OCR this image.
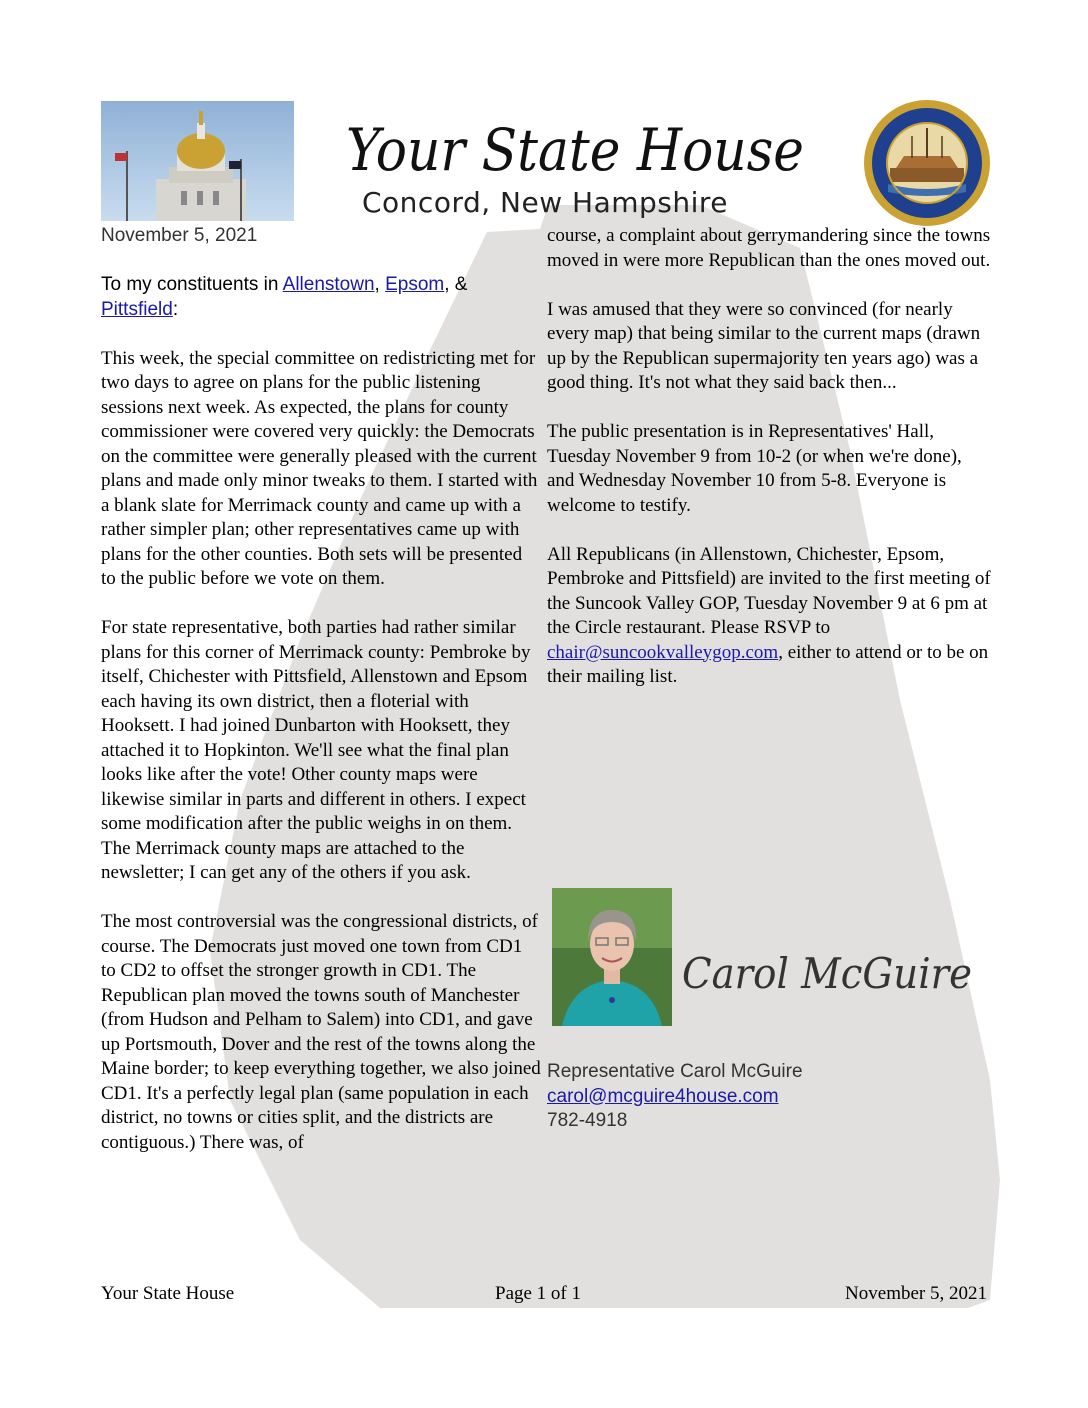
Your State House
Concord, New Hampshire

November 5, 2021

To my constituents in Allenstown, Epsom, & Pittsfield:

This week, the special committee on redistricting met for two days to agree on plans for the public listening sessions next week. As expected, the plans for county commissioner were covered very quickly: the Democrats on the committee were generally pleased with the current plans and made only minor tweaks to them. I started with a blank slate for Merrimack county and came up with a rather simpler plan; other representatives came up with plans for the other counties. Both sets will be presented to the public before we vote on them.

For state representative, both parties had rather similar plans for this corner of Merrimack county: Pembroke by itself, Chichester with Pittsfield, Allenstown and Epsom each having its own district, then a floterial with Hooksett. I had joined Dunbarton with Hooksett, they attached it to Hopkinton. We'll see what the final plan looks like after the vote! Other county maps were likewise similar in parts and different in others. I expect some modification after the public weighs in on them. The Merrimack county maps are attached to the newsletter; I can get any of the others if you ask.

The most controversial was the congressional districts, of course. The Democrats just moved one town from CD1 to CD2 to offset the stronger growth in CD1. The Republican plan moved the towns south of Manchester (from Hudson and Pelham to Salem) into CD1, and gave up Portsmouth, Dover and the rest of the towns along the Maine border; to keep everything together, we also joined CD1. It's a perfectly legal plan (same population in each district, no towns or cities split, and the districts are contiguous.) There was, of

course, a complaint about gerrymandering since the towns moved in were more Republican than the ones moved out.

I was amused that they were so convinced (for nearly every map) that being similar to the current maps (drawn up by the Republican supermajority ten years ago) was a good thing. It's not what they said back then...

The public presentation is in Representatives' Hall, Tuesday November 9 from 10-2 (or when we're done), and Wednesday November 10 from 5-8. Everyone is welcome to testify.

All Republicans (in Allenstown, Chichester, Epsom, Pembroke and Pittsfield) are invited to the first meeting of the Suncook Valley GOP, Tuesday November 9 at 6 pm at the Circle restaurant. Please RSVP to chair@suncookvalleygop.com, either to attend or to be on their mailing list.

Carol McGuire
Representative Carol McGuire
carol@mcguire4house.com
782-4918
Your State House	Page 1 of 1	November 5, 2021
